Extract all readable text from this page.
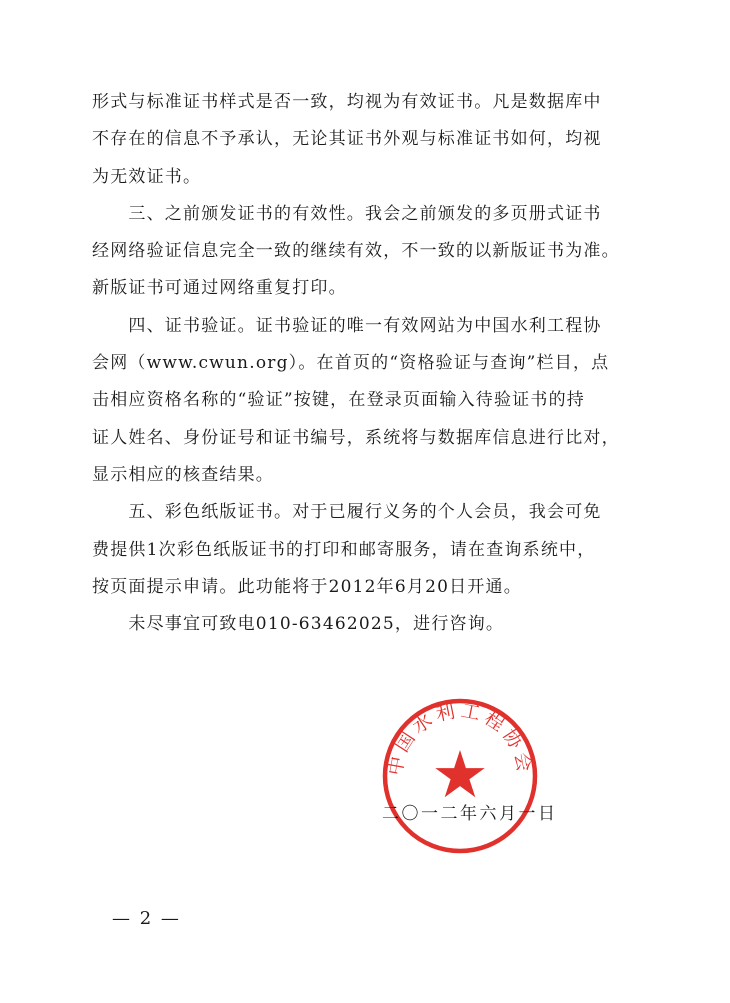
形式与标准证书样式是否一致，均视为有效证书。凡是数据库中
不存在的信息不予承认，无论其证书外观与标准证书如何，均视
为无效证书。
　　三、之前颁发证书的有效性。我会之前颁发的多页册式证书
经网络验证信息完全一致的继续有效，不一致的以新版证书为准。
新版证书可通过网络重复打印。
　　四、证书验证。证书验证的唯一有效网站为中国水利工程协
会网（www.cwun.org）。在首页的“资格验证与查询”栏目，点
击相应资格名称的“验证”按键，在登录页面输入待验证书的持
证人姓名、身份证号和证书编号，系统将与数据库信息进行比对，
显示相应的核查结果。
　　五、彩色纸版证书。对于已履行义务的个人会员，我会可免
费提供1次彩色纸版证书的打印和邮寄服务，请在查询系统中，
按页面提示申请。此功能将于2012年6月20日开通。
　　未尽事宜可致电010-63462025，进行咨询。
中国水利工程协会
二〇一二年六月一日
— 2 —
